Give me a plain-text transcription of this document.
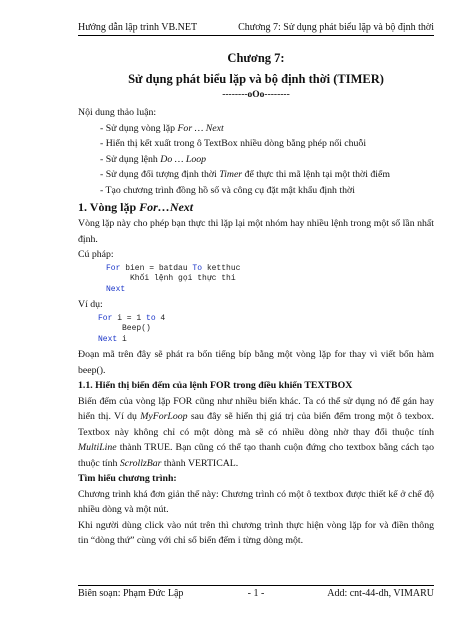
Hướng dẫn lập trình VB.NET	Chương 7: Sử dụng phát biểu lặp và bộ định thời
Chương 7:
Sử dụng phát biểu lặp và bộ định thời (TIMER)
--------oOo--------

Nội dung thảo luận:

- Sử dụng vòng lặp For … Next
- Hiển thị kết xuất trong ô TextBox nhiều dòng bằng phép nối chuỗi
- Sử dụng lệnh Do … Loop
- Sử dụng đối tượng định thời Timer để thực thi mã lệnh tại một thời điểm
- Tạo chương trình đồng hồ số và công cụ đặt mật khẩu định thời
1. Vòng lặp For…Next

Vòng lặp này cho phép bạn thực thi lặp lại một nhóm hay nhiều lệnh trong một số lần nhất định.

Cú pháp:

For bien = batdau To ketthuc
Khối lệnh gọi thực thi
Next

Ví dụ:

For i = 1 to 4
Beep()
Next i

Đoạn mã trên đây sẽ phát ra bốn tiếng bíp bằng một vòng lặp for thay vì viết bốn hàm beep().

1.1. Hiển thị biến đếm của lệnh FOR trong điều khiển TEXTBOX

Biến đếm của vòng lặp FOR cũng như nhiều biến khác. Ta có thể sử dụng nó để gán hay hiển thị. Ví dụ MyForLoop sau đây sẽ hiển thị giá trị của biến đếm trong một ô texbox. Textbox này không chỉ có một dòng mà sẽ có nhiều dòng nhờ thay đổi thuộc tính MultiLine thành TRUE. Bạn cũng có thể tạo thanh cuộn đứng cho textbox bằng cách tạo thuộc tính ScrollzBar thành VERTICAL.

Tìm hiểu chương trình:

Chương trình khá đơn giản thế này: Chương trình có một ô textbox được thiết kế ở chế độ nhiều dòng và một nút.

Khi người dùng click vào nút trên thì chương trình thực hiện vòng lặp for và điền thông tin “dòng thứ” cùng với chỉ số biến đếm i từng dòng một.

Biên soạn: Phạm Đức Lập	- 1 -	Add: cnt-44-dh, VIMARU
